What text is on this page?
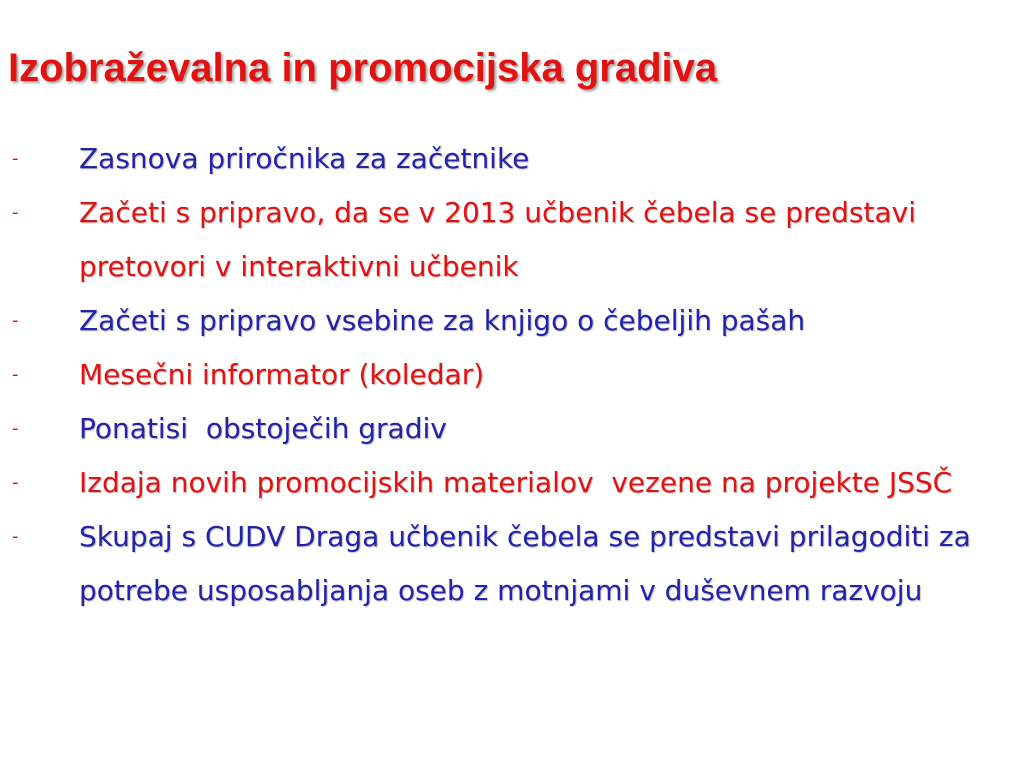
Izobraževalna in promocijska gradiva
-	Zasnova priročnika za začetnike
-	Začeti s pripravo, da se v 2013 učbenik čebela se predstavi pretovori v interaktivni učbenik
-	Začeti s pripravo vsebine za knjigo o čebeljih pašah
-	Mesečni informator (koledar)
-	Ponatisi  obstoječih gradiv
-	Izdaja novih promocijskih materialov  vezene na projekte JSSČ
-	Skupaj s CUDV Draga učbenik čebela se predstavi prilagoditi za potrebe usposabljanja oseb z motnjami v duševnem razvoju
